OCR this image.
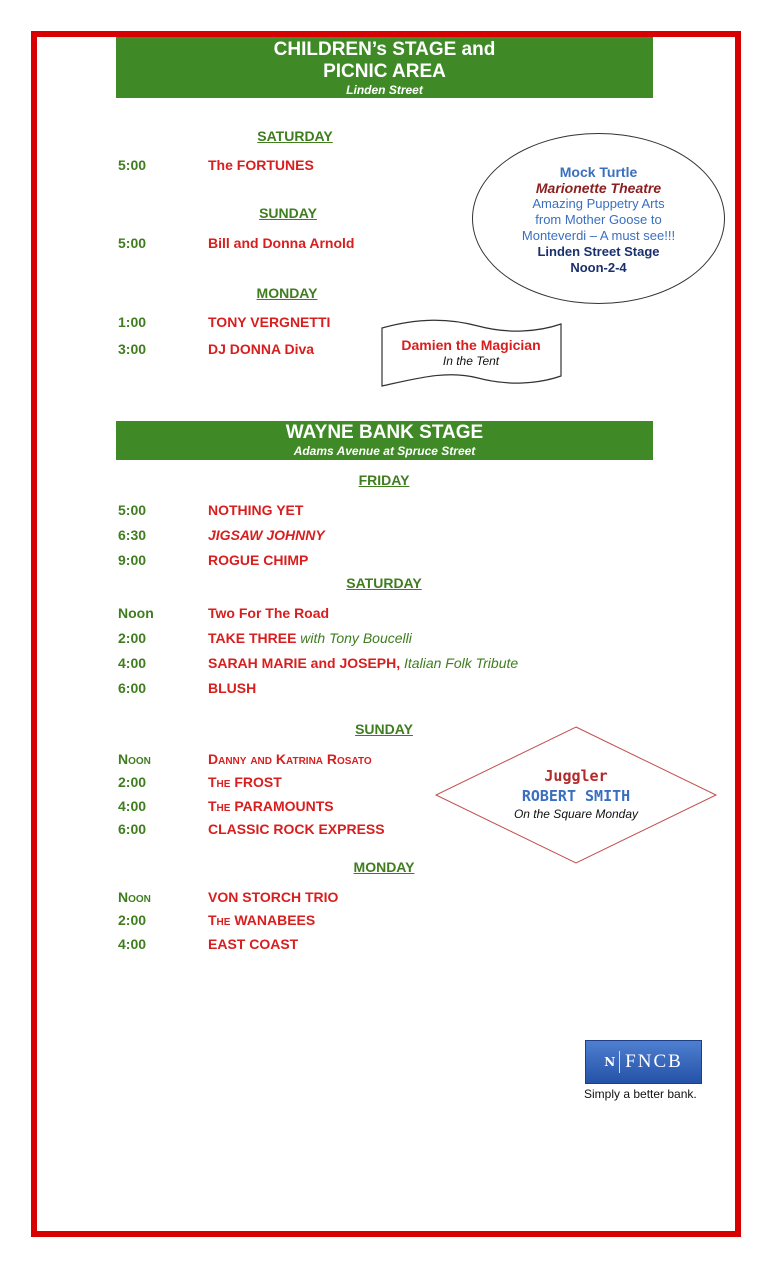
CHILDREN’s STAGE and
PICNIC AREA
Linden Street
SATURDAY
5:00	The FORTUNES
SUNDAY
5:00	Bill and Donna Arnold
MONDAY
1:00	TONY VERGNETTI
3:00	DJ DONNA Diva
Mock Turtle
Marionette Theatre
Amazing Puppetry Arts
from Mother Goose to
Monteverdi – A must see!!!
Linden Street Stage
Noon-2-4
Damien the Magician
In the Tent
WAYNE BANK STAGE
Adams Avenue at Spruce Street
FRIDAY
5:00	NOTHING YET
6:30	JIGSAW JOHNNY
9:00	ROGUE CHIMP
SATURDAY
Noon	Two For The Road
2:00	TAKE THREE with Tony Boucelli
4:00	SARAH MARIE and JOSEPH, Italian Folk Tribute
6:00	BLUSH
SUNDAY
Noon	Danny and Katrina Rosato
2:00	The FROST
4:00	The PARAMOUNTS
6:00	CLASSIC ROCK EXPRESS
Juggler
ROBERT SMITH
On the Square Monday
MONDAY
Noon	VON STORCH TRIO
2:00	The WANABEES
4:00	EAST COAST
N FNCB
Simply a better bank.
